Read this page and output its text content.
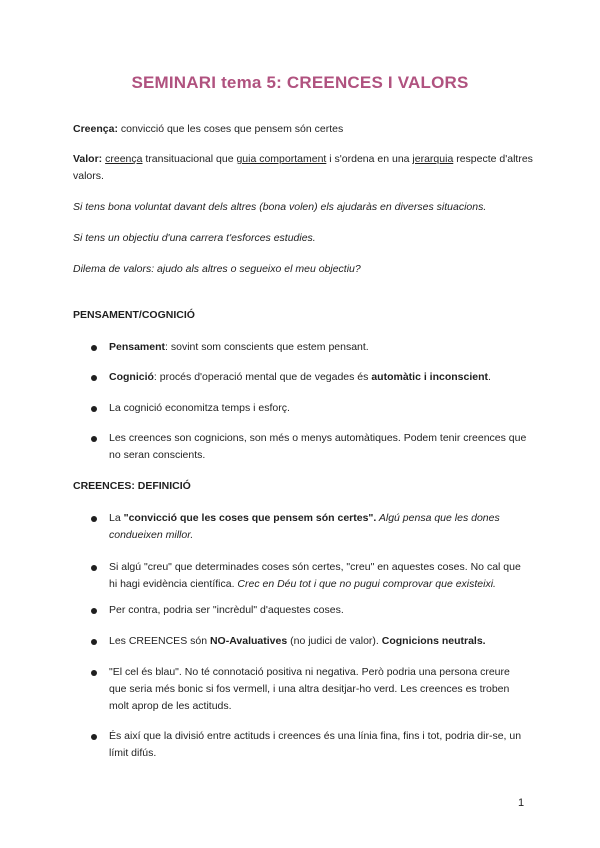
SEMINARI tema 5: CREENCES I VALORS

Creença: convicció que les coses que pensem són certes

Valor: creença transituacional que guia comportament i s'ordena en una jerarquia respecte d'altres valors.

Si tens bona voluntat davant dels altres (bona volen) els ajudaràs en diverses situacions.

Si tens un objectiu d'una carrera t'esforces estudies.

Dilema de valors: ajudo als altres o segueixo el meu objectiu?

PENSAMENT/COGNICIÓ

Pensament: sovint som conscients que estem pensant.

Cognició: procés d'operació mental que de vegades és automàtic i inconscient.

La cognició economitza temps i esforç.

Les creences son cognicions, son més o menys automàtiques. Podem tenir creences que no seran conscients.

CREENCES: DEFINICIÓ

La "convicció que les coses que pensem són certes". Algú pensa que les dones condueixen millor.

Si algú "creu" que determinades coses són certes, "creu" en aquestes coses. No cal que hi hagi evidència científica. Crec en Déu tot i que no pugui comprovar que existeixi.

Per contra, podria ser "incrèdul" d'aquestes coses.

Les CREENCES són NO-Avaluatives (no judici de valor). Cognicions neutrals.

"El cel és blau". No té connotació positiva ni negativa. Però podria una persona creure que seria més bonic si fos vermell, i una altra desitjar-ho verd. Les creences es troben molt aprop de les actituds.

És així que la divisió entre actituds i creences és una línia fina, fins i tot, podria dir-se, un límit difús.

1
